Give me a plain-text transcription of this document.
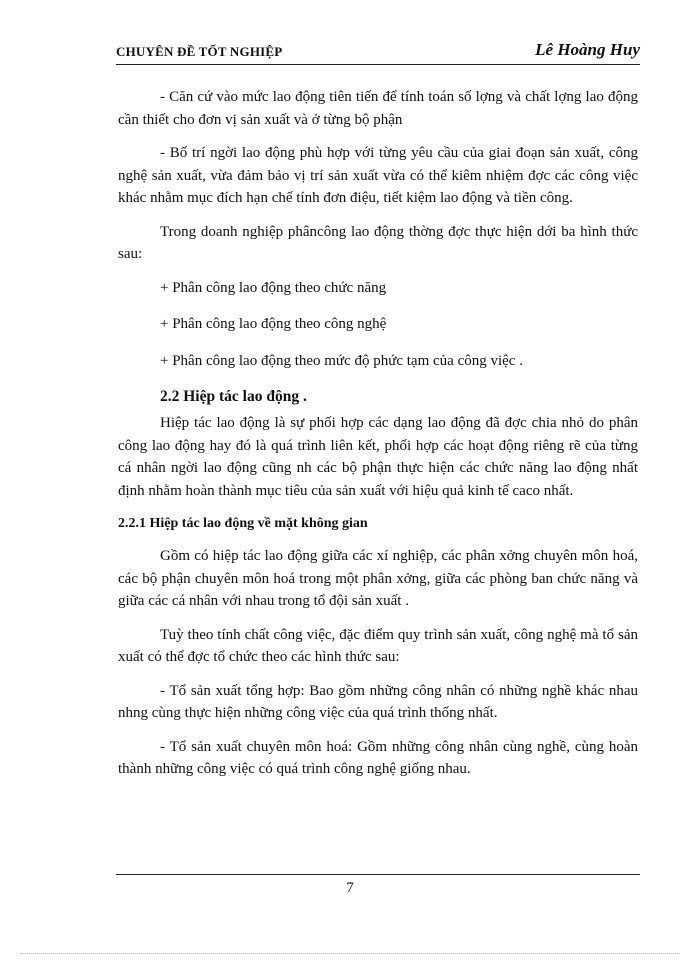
CHUYÊN ĐỀ TỐT NGHIỆP	Lê Hoàng Huy

- Căn cứ vào mức lao động tiên tiến để tính toán số lợng và chất lợng lao động cần thiết cho đơn vị sản xuất và ở từng bộ phận

- Bố trí ngời lao động phù hợp với từng yêu cầu của giai đoạn sản xuất, công nghệ sản xuất, vừa đảm bảo vị trí sản xuất vừa có thể kiêm nhiệm đợc các công việc khác nhằm mục đích hạn chế tính đơn điệu, tiết kiệm lao động và tiền công.

Trong doanh nghiệp phâncông lao động thờng đợc thực hiện dới ba hình thức sau:

+ Phân công lao động theo chức năng

+ Phân công lao động theo công nghệ

+ Phân công lao động theo mức độ phức tạm của công việc .

2.2 Hiệp tác lao động .

Hiệp tác lao động là sự phối hợp các dạng lao động đã đợc chia nhỏ do phân công lao động hay đó là quá trình liên kết, phối hợp các hoạt động riêng rẽ của từng cá nhân ngời lao động cũng nh các bộ phận thực hiện các chức năng lao động nhất định nhằm hoàn thành mục tiêu của sản xuất với hiệu quả kinh tế caco nhất.

2.2.1 Hiệp tác lao động về mặt không gian

Gồm có hiệp tác lao động giữa các xí nghiệp, các phân xởng chuyên môn hoá, các bộ phận chuyên môn hoá trong một phân xởng, giữa các phòng ban chức năng và giữa các cá nhân với nhau trong tổ đội sản xuất .

Tuỳ theo tính chất công việc, đặc điểm quy trình sản xuất, công nghệ mà tổ sản xuất có thể đợc tổ chức theo các hình thức sau:

- Tổ sản xuất tổng hợp: Bao gồm những công nhân có những nghề khác nhau nhng cùng thực hiện những công việc của quá trình thống nhất.

- Tổ sản xuất chuyên môn hoá: Gồm những công nhân cùng nghề, cùng hoàn thành những công việc có quá trình công nghệ giống nhau.

7
